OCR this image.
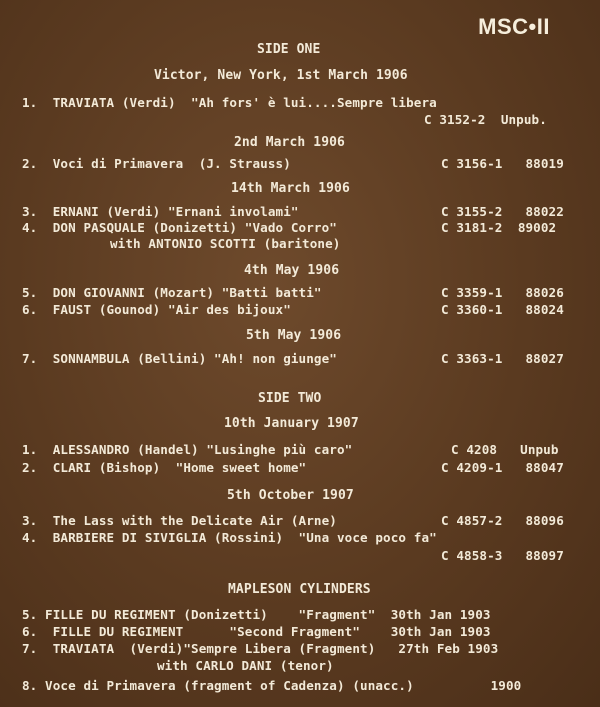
MSC•II
SIDE ONE
Victor, New York, 1st March 1906
1.  TRAVIATA (Verdi)  "Ah fors' è lui....Sempre libera
C 3152-2  Unpub.
2nd March 1906
2.  Voci di Primavera  (J. Strauss)	C 3156-1   88019
14th March 1906
3.  ERNANI (Verdi) "Ernani involami"	C 3155-2   88022
4.  DON PASQUALE (Donizetti) "Vado Corro"	C 3181-2  89002
with ANTONIO SCOTTI (baritone)
4th May 1906
5.  DON GIOVANNI (Mozart) "Batti batti"	C 3359-1   88026
6.  FAUST (Gounod) "Air des bijoux"	C 3360-1   88024
5th May 1906
7.  SONNAMBULA (Bellini) "Ah! non giunge"	C 3363-1   88027
SIDE TWO
10th January 1907
1.  ALESSANDRO (Handel) "Lusinghe più caro"	C 4208   Unpub
2.  CLARI (Bishop)  "Home sweet home"	C 4209-1   88047
5th October 1907
3.  The Lass with the Delicate Air (Arne)	C 4857-2   88096
4.  BARBIERE DI SIVIGLIA (Rossini)  "Una voce poco fa"
C 4858-3   88097
MAPLESON CYLINDERS
5. FILLE DU REGIMENT (Donizetti)    "Fragment"  30th Jan 1903
6.  FILLE DU REGIMENT      "Second Fragment"    30th Jan 1903
7.  TRAVIATA  (Verdi)"Sempre Libera (Fragment)   27th Feb 1903
with CARLO DANI (tenor)
8. Voce di Primavera (fragment of Cadenza) (unacc.)          1900
